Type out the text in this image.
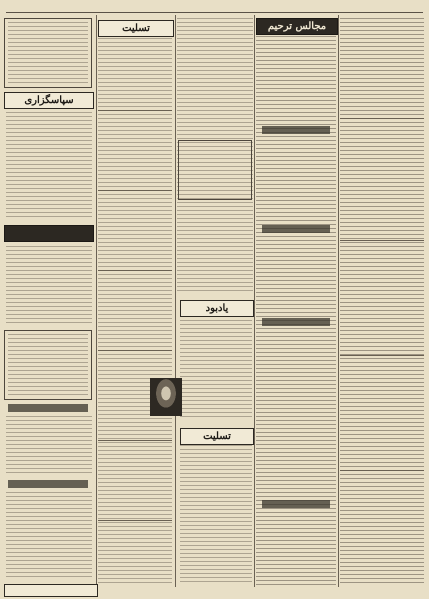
مجالس ترحیم
تسلیت
سپاسگزاری
یادبود
تسلیت
